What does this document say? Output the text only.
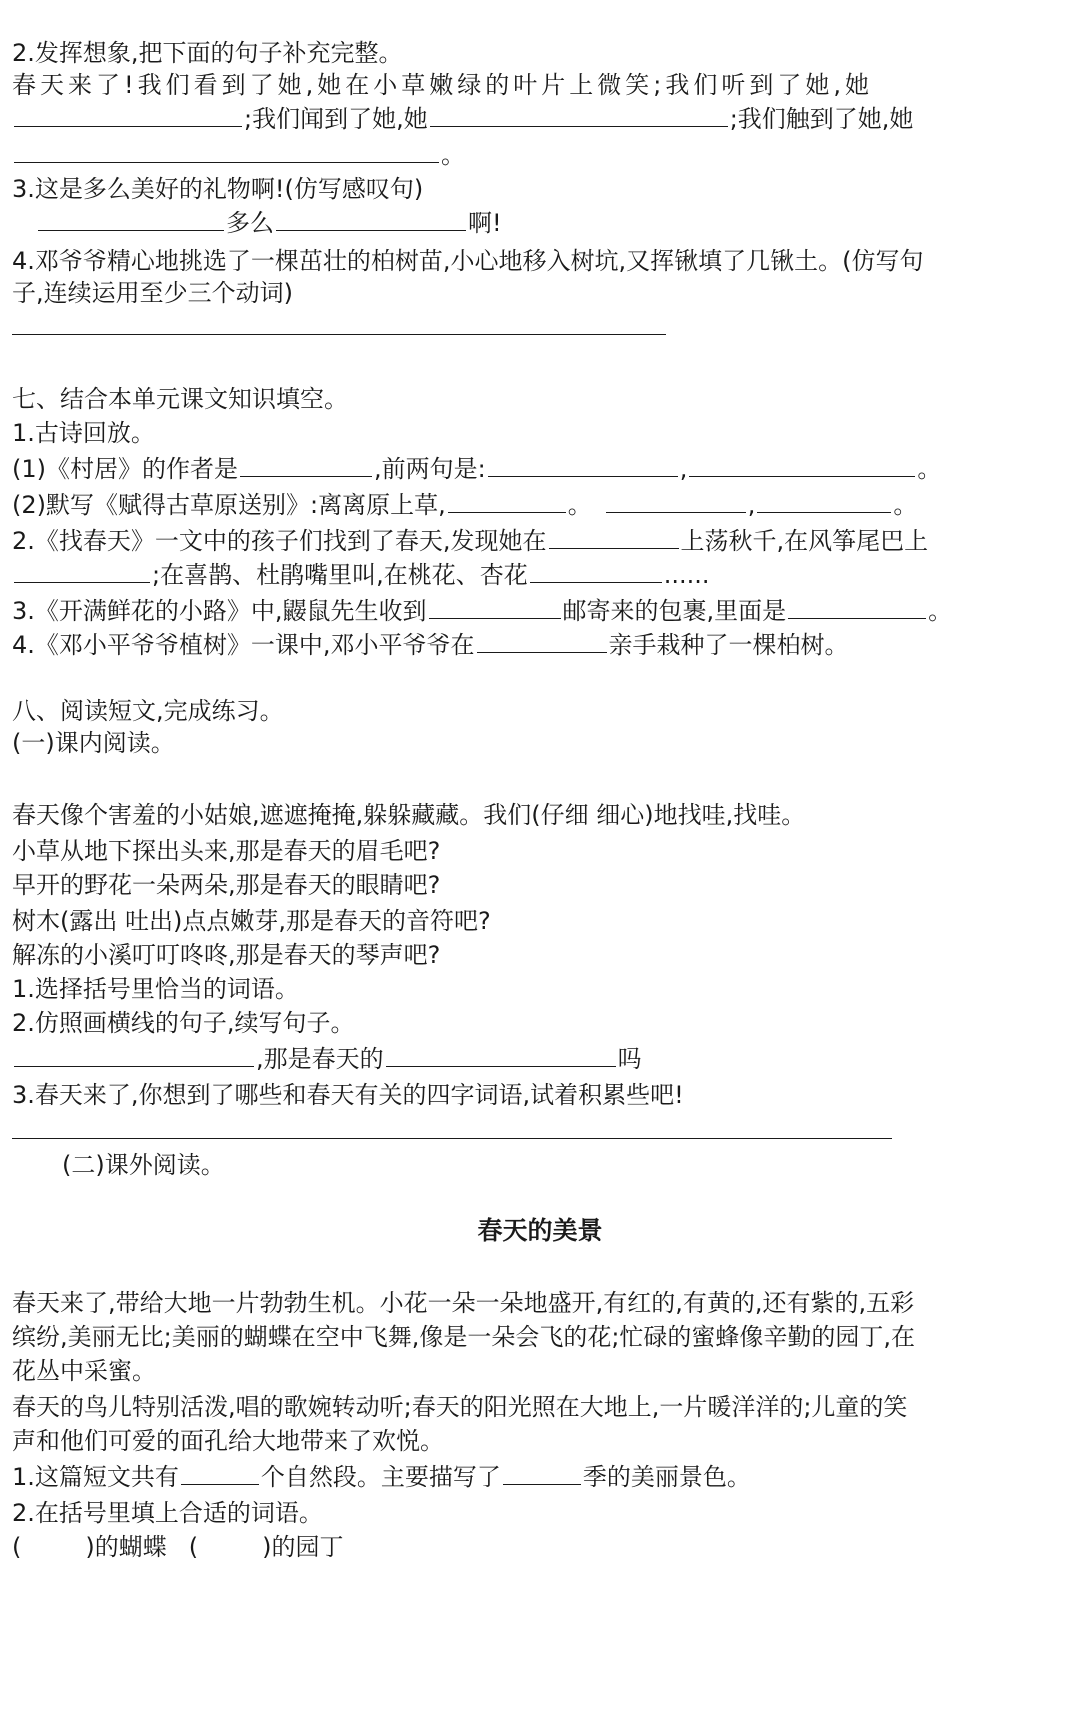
2.发挥想象,把下面的句子补充完整。
春天来了!我们看到了她,她在小草嫩绿的叶片上微笑;我们听到了她,她
;我们闻到了她,她	;我们触到了她,她
。
3.这是多么美好的礼物啊!(仿写感叹句)
多么	啊!
4.邓爷爷精心地挑选了一棵茁壮的柏树苗,小心地移入树坑,又挥锹填了几锹土。(仿写句
子,连续运用至少三个动词)
七、结合本单元课文知识填空。
1.古诗回放。
(1)《村居》的作者是	,前两句是:	,	。
(2)默写《赋得古草原送别》:离离原上草,	。	,	。
2.《找春天》一文中的孩子们找到了春天,发现她在	上荡秋千,在风筝尾巴上
;在喜鹊、杜鹃嘴里叫,在桃花、杏花	......
3.《开满鲜花的小路》中,鼹鼠先生收到	邮寄来的包裹,里面是	。
4.《邓小平爷爷植树》一课中,邓小平爷爷在	亲手栽种了一棵柏树。
八、阅读短文,完成练习。
(一)课内阅读。
春天像个害羞的小姑娘,遮遮掩掩,躲躲藏藏。我们(仔细 细心)地找哇,找哇。
小草从地下探出头来,那是春天的眉毛吧?
早开的野花一朵两朵,那是春天的眼睛吧?
树木(露出 吐出)点点嫩芽,那是春天的音符吧?
解冻的小溪叮叮咚咚,那是春天的琴声吧?
1.选择括号里恰当的词语。
2.仿照画横线的句子,续写句子。
,那是春天的	吗
3.春天来了,你想到了哪些和春天有关的四字词语,试着积累些吧!
(二)课外阅读。
春天的美景
春天来了,带给大地一片勃勃生机。小花一朵一朵地盛开,有红的,有黄的,还有紫的,五彩
缤纷,美丽无比;美丽的蝴蝶在空中飞舞,像是一朵会飞的花;忙碌的蜜蜂像辛勤的园丁,在
花丛中采蜜。
春天的鸟儿特别活泼,唱的歌婉转动听;春天的阳光照在大地上,一片暖洋洋的;儿童的笑
声和他们可爱的面孔给大地带来了欢悦。
1.这篇短文共有	个自然段。主要描写了	季的美丽景色。
2.在括号里填上合适的词语。
(	)的蝴蝶 (	)的园丁
